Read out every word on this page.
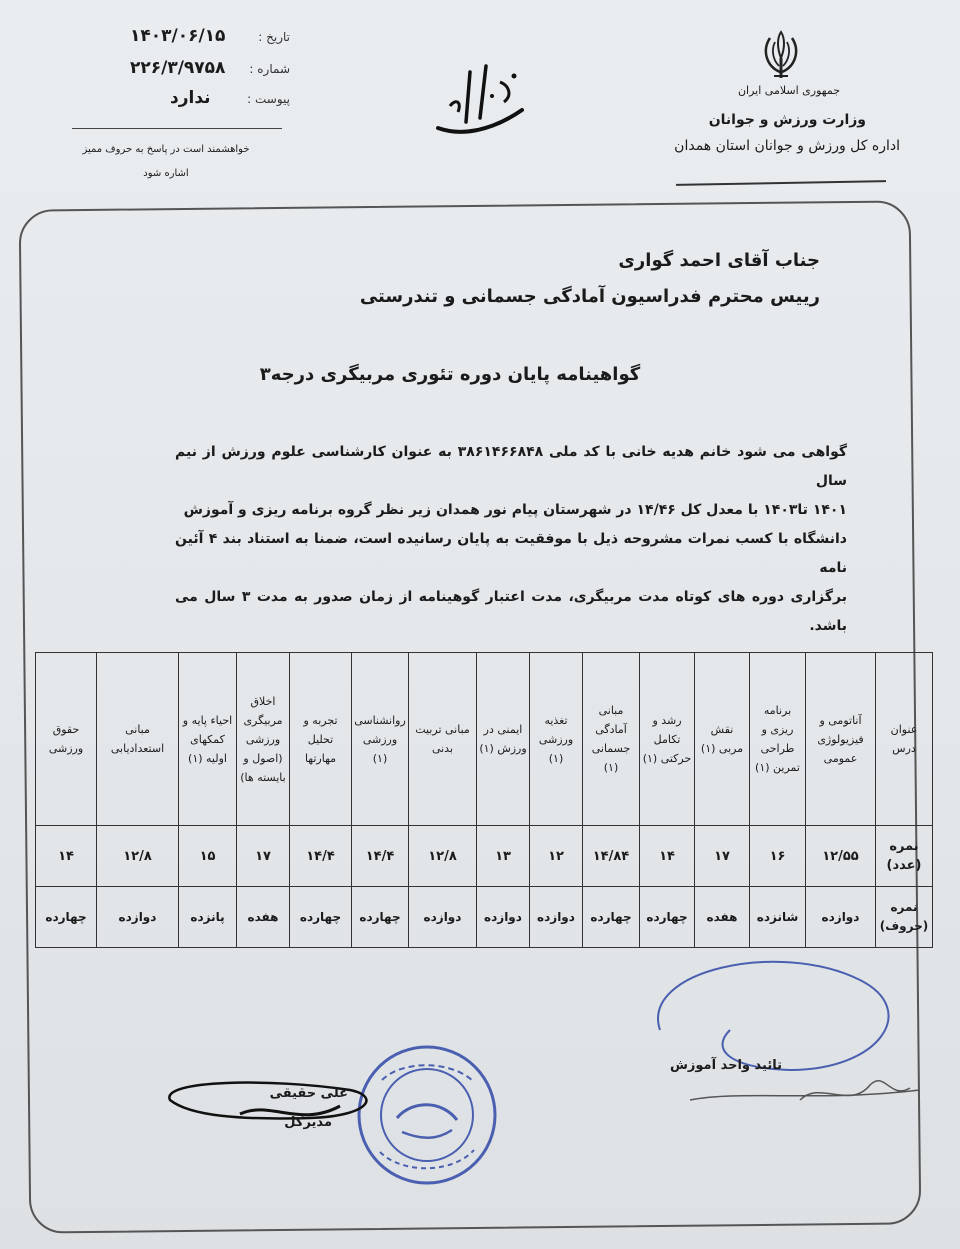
جمهوری اسلامی ایران
وزارت ورزش و جوانان
اداره کل ورزش و جوانان استان همدان
تاریخ :
۱۴۰۳/۰۶/۱۵
شماره :
۲۲۶/۳/۹۷۵۸
پیوست :
ندارد
خواهشمند است در پاسخ به حروف ممیز
اشاره شود
جناب آقای احمد گواری
رییس محترم فدراسیون آمادگی جسمانی و تندرستی
گواهینامه پایان دوره تئوری مربیگری درجه۳
گواهی می شود خانم هدیه خانی با کد ملی ۳۸۶۱۴۶۶۸۴۸ به عنوان کارشناسی علوم ورزش از نیم سال
۱۴۰۱ تا۱۴۰۳ با معدل کل ۱۴/۴۶ در شهرستان پیام نور همدان زیر نظر گروه برنامه ریزی و آموزش
دانشگاه با کسب نمرات مشروحه ذیل با موفقیت به پایان رسانیده است، ضمنا به استناد بند ۴ آئین نامه
برگزاری دوره های کوتاه مدت مربیگری، مدت اعتبار گوهینامه از زمان صدور به مدت ۳ سال می باشد.
عنوان درس	آناتومی و فیزیولوژی عمومی	برنامه ریزی و طراحی تمرین (۱)	نقش مربی (۱)	رشد و تکامل حرکتی (۱)	مبانی آمادگی جسمانی (۱)	تغذیه ورزشی (۱)	ایمنی در ورزش (۱)	مبانی تربیت بدنی	روانشناسی ورزشی (۱)	تجربه و تحلیل مهارتها	اخلاق مربیگری ورزشی (اصول و بایسته ها)	احیاء پایه و کمکهای اولیه (۱)	مبانی استعدادیابی	حقوق ورزشی
نمره (عدد)	۱۲/۵۵	۱۶	۱۷	۱۴	۱۴/۸۴	۱۲	۱۳	۱۲/۸	۱۴/۴	۱۴/۴	۱۷	۱۵	۱۲/۸	۱۴
نمره (حروف)	دوازده	شانزده	هفده	چهارده	چهارده	دوازده	دوازده	دوازده	چهارده	چهارده	هفده	پانزده	دوازده	چهارده
تائید واحد آموزش
علی حقیقی
مدیرکل
